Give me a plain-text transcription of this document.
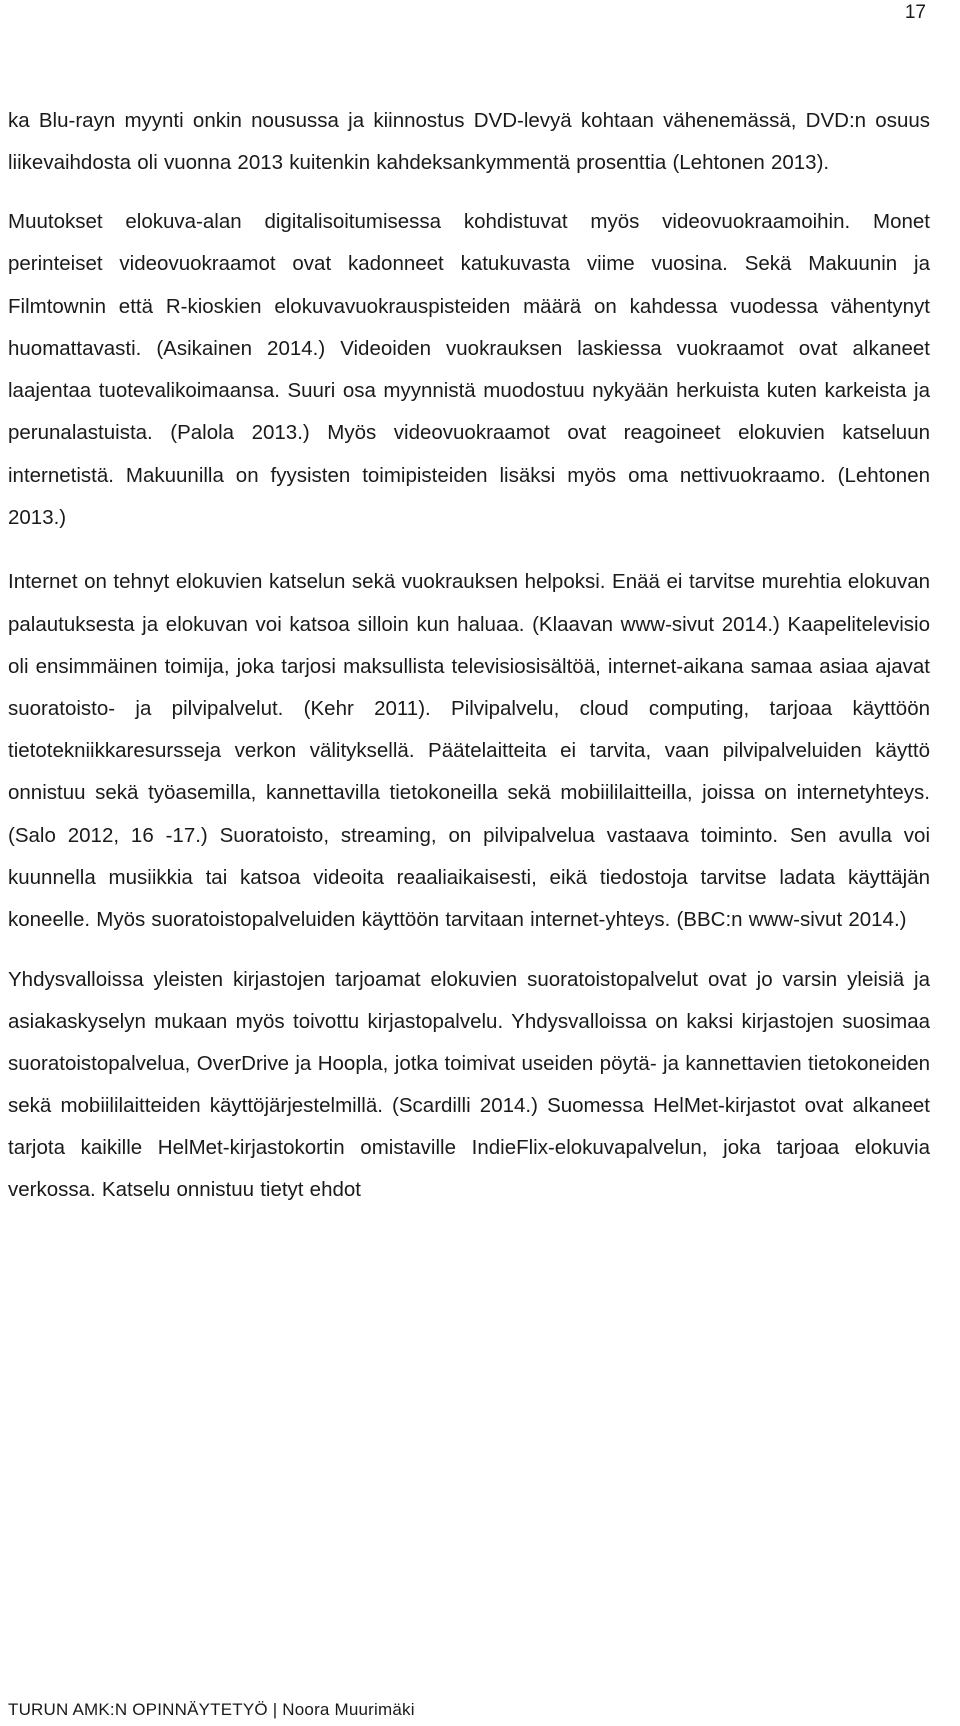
17

ka Blu-rayn myynti onkin nousussa ja kiinnostus DVD-levyä kohtaan vähenemässä, DVD:n osuus liikevaihdosta oli vuonna 2013 kuitenkin kahdeksankymmentä prosenttia (Lehtonen 2013).

Muutokset elokuva-alan digitalisoitumisessa kohdistuvat myös videovuokraamoihin. Monet perinteiset videovuokraamot ovat kadonneet katukuvasta viime vuosina. Sekä Makuunin ja Filmtownin että R-kioskien elokuvavuokrauspisteiden määrä on kahdessa vuodessa vähentynyt huomattavasti. (Asikainen 2014.) Videoiden vuokrauksen laskiessa vuokraamot ovat alkaneet laajentaa tuotevalikoimaansa. Suuri osa myynnistä muodostuu nykyään herkuista kuten karkeista ja perunalastuista. (Palola 2013.) Myös videovuokraamot ovat reagoineet elokuvien katseluun internetistä. Makuunilla on fyysisten toimipisteiden lisäksi myös oma nettivuokraamo. (Lehtonen 2013.)

Internet on tehnyt elokuvien katselun sekä vuokrauksen helpoksi. Enää ei tarvitse murehtia elokuvan palautuksesta ja elokuvan voi katsoa silloin kun haluaa. (Klaavan www-sivut 2014.) Kaapelitelevisio oli ensimmäinen toimija, joka tarjosi maksullista televisiosisältöä, internet-aikana samaa asiaa ajavat suoratoisto- ja pilvipalvelut. (Kehr 2011). Pilvipalvelu, cloud computing, tarjoaa käyttöön tietotekniikkaresursseja verkon välityksellä. Päätelaitteita ei tarvita, vaan pilvipalveluiden käyttö onnistuu sekä työasemilla, kannettavilla tietokoneilla sekä mobiililaitteilla, joissa on internetyhteys. (Salo 2012, 16 -17.) Suoratoisto, streaming, on pilvipalvelua vastaava toiminto. Sen avulla voi kuunnella musiikkia tai katsoa videoita reaaliaikaisesti, eikä tiedostoja tarvitse ladata käyttäjän koneelle. Myös suoratoistopalveluiden käyttöön tarvitaan internet-yhteys. (BBC:n www-sivut 2014.)

Yhdysvalloissa yleisten kirjastojen tarjoamat elokuvien suoratoistopalvelut ovat jo varsin yleisiä ja asiakaskyselyn mukaan myös toivottu kirjastopalvelu. Yhdysvalloissa on kaksi kirjastojen suosimaa suoratoistopalvelua, OverDrive ja Hoopla, jotka toimivat useiden pöytä- ja kannettavien tietokoneiden sekä mobiililaitteiden käyttöjärjestelmillä. (Scardilli 2014.) Suomessa HelMet-kirjastot ovat alkaneet tarjota kaikille HelMet-kirjastokortin omistaville IndieFlix-elokuvapalvelun, joka tarjoaa elokuvia verkossa. Katselu onnistuu tietyt ehdot

TURUN AMK:N OPINNÄYTETYÖ | Noora Muurimäki
